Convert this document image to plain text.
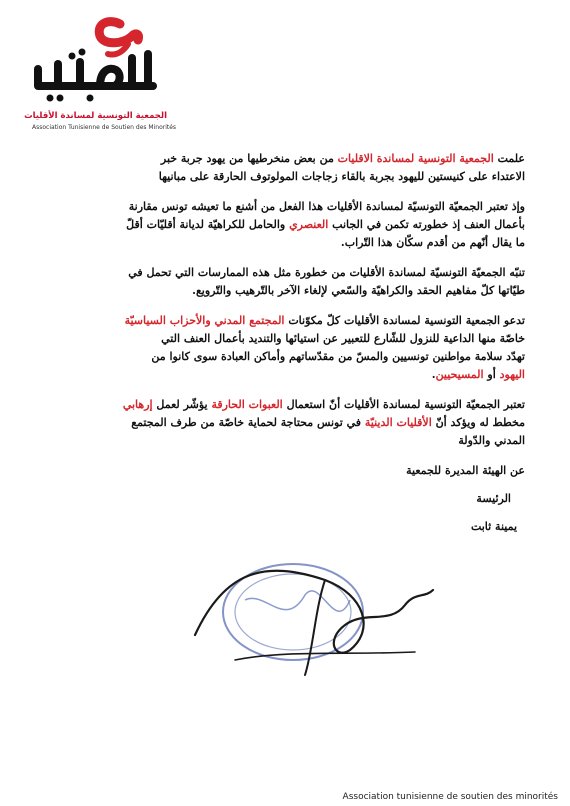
الجمعية التونسية لمساندة الأقليات
Association Tunisienne de Soutien des Minorités

علمت الجمعية التونسية لمساندة الاقليات من بعض منخرطيها من يهود جربة خبر

الاعتداء على كنيستين لليهود بجربة بالقاء زجاجات المولوتوف الحارقة على مبانيها

وإذ تعتبر الجمعيّة التونسيّة لمساندة الأقليات هذا الفعل من أشنع ما تعيشه تونس مقارنة

بأعمال العنف إذ خطورته تكمن في الجانب العنصري والحامل للكراهيّة لديانة أقليّات أقلّ

ما يقال أنّهم من أقدم سكّان هذا التّراب.

تنبّه الجمعيّة التونسيّة لمساندة الأقليات من خطورة مثل هذه الممارسات التي تحمل في

طيّاتها كلّ مفاهيم الحقد والكراهيّة والسّعي لإلغاء الآخر بالتّرهيب والتّرويع.

تدعو الجمعية التونسية لمساندة الأقليات كلّ مكوّنات المجتمع المدني والأحزاب السياسيّة

خاصّة منها الداعية للنزول للشّارع للتعبير عن استيائها والتنديد بأعمال العنف التي

تهدّد سلامة مواطنين تونسيين والمسّ من مقدّساتهم وأماكن العبادة سوى كانوا من

اليهود أو المسيحيين.

تعتبر الجمعيّة التونسية لمساندة الأقليات أنّ استعمال العبوات الحارقة يؤشّر لعمل إرهابي

مخطط له ويؤكد أنّ الأقليات الدينيّة في تونس محتاجة لحماية خاصّة من طرف المجتمع

المدني والدّولة

عن الهيئة المديرة للجمعية

الرئيسة

يمينة ثابت

Association tunisienne de soutien des minorités
